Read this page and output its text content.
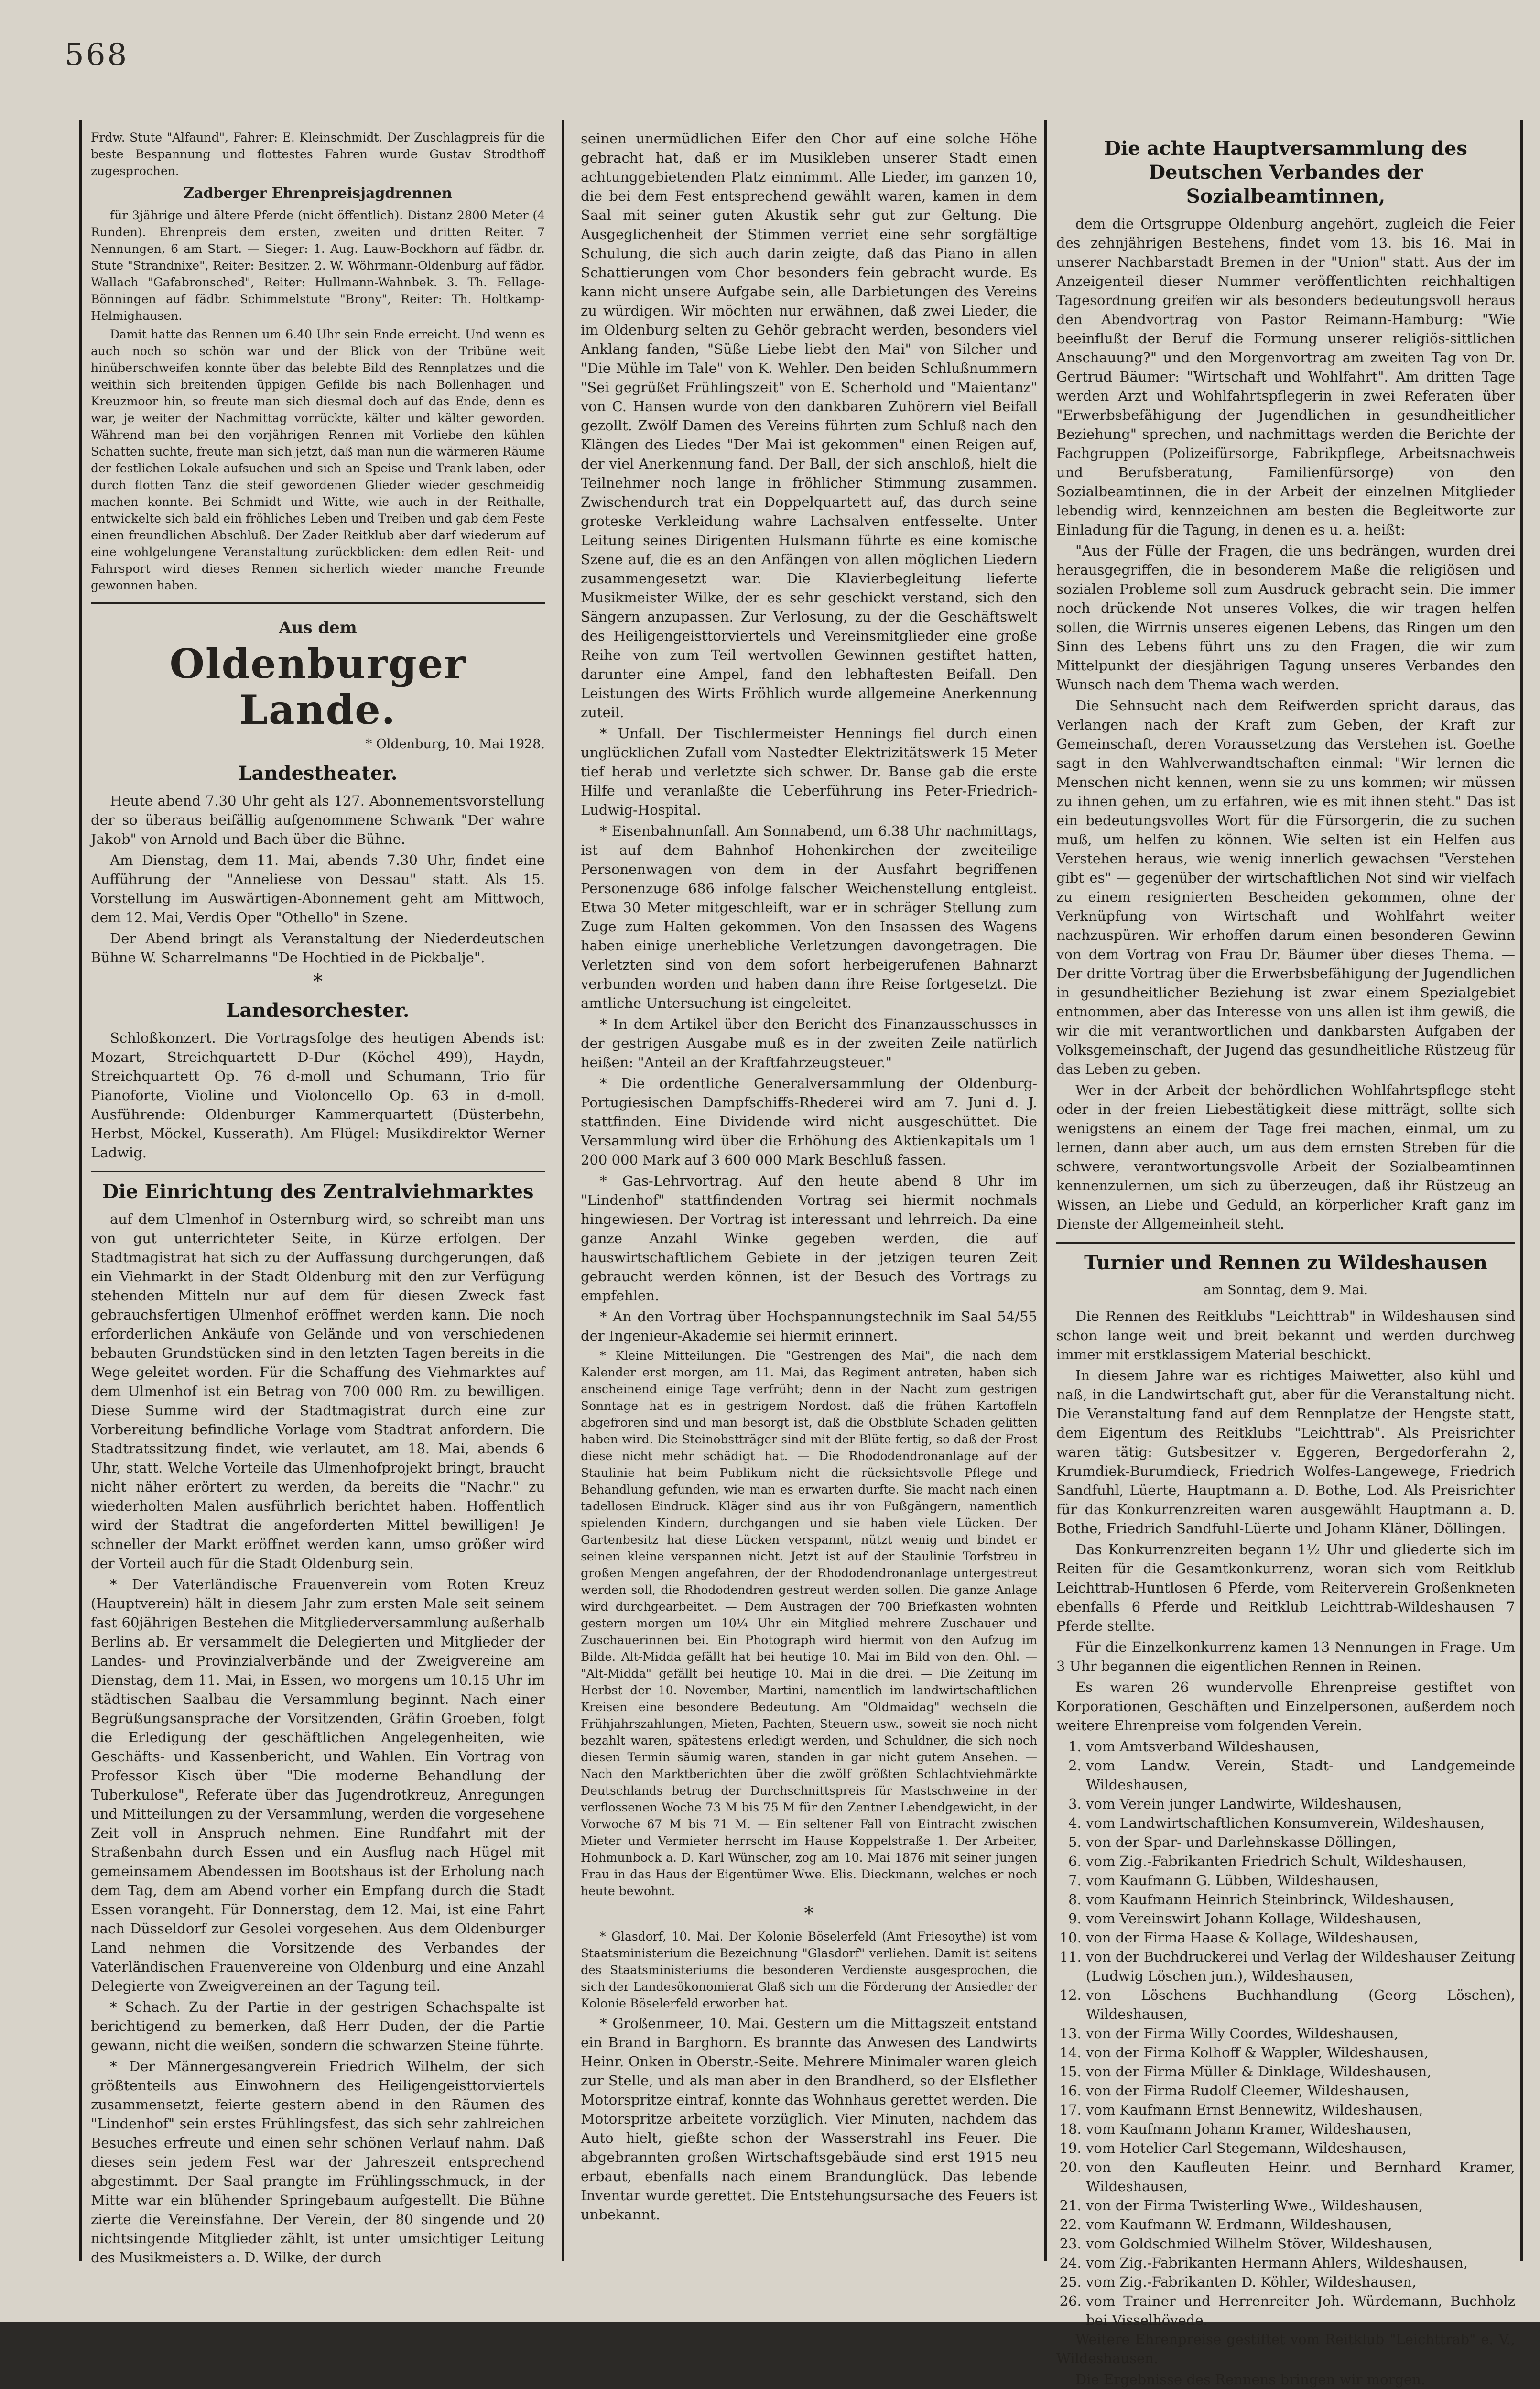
568

Frdw. Stute "Alfaund", Fahrer: E. Kleinschmidt. Der Zuschlagpreis für die beste Bespannung und flottestes Fahren wurde Gustav Strodthoff zugesprochen.

Zadberger Ehrenpreisjagdrennen

für 3jährige und ältere Pferde (nicht öffentlich). Distanz 2800 Meter (4 Runden). Ehrenpreis dem ersten, zweiten und dritten Reiter. 7 Nennungen, 6 am Start. — Sieger: 1. Aug. Lauw-Bockhorn auf fädbr. dr. Stute "Strandnixe", Reiter: Besitzer. 2. W. Wöhrmann-Oldenburg auf fädbr. Wallach "Gafabronsched", Reiter: Hullmann-Wahnbek. 3. Th. Fellage-Bönningen auf fädbr. Schimmelstute "Brony", Reiter: Th. Holtkamp-Helmighausen.

Damit hatte das Rennen um 6.40 Uhr sein Ende erreicht. Und wenn es auch noch so schön war und der Blick von der Tribüne weit hinüberschweifen konnte über das belebte Bild des Rennplatzes und die weithin sich breitenden üppigen Gefilde bis nach Bollenhagen und Kreuzmoor hin, so freute man sich diesmal doch auf das Ende, denn es war, je weiter der Nachmittag vorrückte, kälter und kälter geworden. Während man bei den vorjährigen Rennen mit Vorliebe den kühlen Schatten suchte, freute man sich jetzt, daß man nun die wärmeren Räume der festlichen Lokale aufsuchen und sich an Speise und Trank laben, oder durch flotten Tanz die steif gewordenen Glieder wieder geschmeidig machen konnte. Bei Schmidt und Witte, wie auch in der Reithalle, entwickelte sich bald ein fröhliches Leben und Treiben und gab dem Feste einen freundlichen Abschluß. Der Zader Reitklub aber darf wiederum auf eine wohlgelungene Veranstaltung zurückblicken: dem edlen Reit- und Fahrsport wird dieses Rennen sicherlich wieder manche Freunde gewonnen haben.

Aus dem
Oldenburger Lande.

* Oldenburg, 10. Mai 1928.

Landestheater.

Heute abend 7.30 Uhr geht als 127. Abonnementsvorstellung der so überaus beifällig aufgenommene Schwank "Der wahre Jakob" von Arnold und Bach über die Bühne.

Am Dienstag, dem 11. Mai, abends 7.30 Uhr, findet eine Aufführung der "Anneliese von Dessau" statt. Als 15. Vorstellung im Auswärtigen-Abonnement geht am Mittwoch, dem 12. Mai, Verdis Oper "Othello" in Szene.

Der Abend bringt als Veranstaltung der Niederdeutschen Bühne W. Scharrelmanns "De Hochtied in de Pickbalje".

*
Landesorchester.

Schloßkonzert. Die Vortragsfolge des heutigen Abends ist: Mozart, Streichquartett D-Dur (Köchel 499), Haydn, Streichquartett Op. 76 d-moll und Schumann, Trio für Pianoforte, Violine und Violoncello Op. 63 in d-moll. Ausführende: Oldenburger Kammerquartett (Düsterbehn, Herbst, Möckel, Kusserath). Am Flügel: Musikdirektor Werner Ladwig.

Die Einrichtung des Zentralviehmarktes

auf dem Ulmenhof in Osternburg wird, so schreibt man uns von gut unterrichteter Seite, in Kürze erfolgen. Der Stadtmagistrat hat sich zu der Auffassung durchgerungen, daß ein Viehmarkt in der Stadt Oldenburg mit den zur Verfügung stehenden Mitteln nur auf dem für diesen Zweck fast gebrauchsfertigen Ulmenhof eröffnet werden kann. Die noch erforderlichen Ankäufe von Gelände und von verschiedenen bebauten Grundstücken sind in den letzten Tagen bereits in die Wege geleitet worden. Für die Schaffung des Viehmarktes auf dem Ulmenhof ist ein Betrag von 700 000 Rm. zu bewilligen. Diese Summe wird der Stadtmagistrat durch eine zur Vorbereitung befindliche Vorlage vom Stadtrat anfordern. Die Stadtratssitzung findet, wie verlautet, am 18. Mai, abends 6 Uhr, statt. Welche Vorteile das Ulmenhofprojekt bringt, braucht nicht näher erörtert zu werden, da bereits die "Nachr." zu wiederholten Malen ausführlich berichtet haben. Hoffentlich wird der Stadtrat die angeforderten Mittel bewilligen! Je schneller der Markt eröffnet werden kann, umso größer wird der Vorteil auch für die Stadt Oldenburg sein.

* Der Vaterländische Frauenverein vom Roten Kreuz (Hauptverein) hält in diesem Jahr zum ersten Male seit seinem fast 60jährigen Bestehen die Mitgliederversammlung außerhalb Berlins ab. Er versammelt die Delegierten und Mitglieder der Landes- und Provinzialverbände und der Zweigvereine am Dienstag, dem 11. Mai, in Essen, wo morgens um 10.15 Uhr im städtischen Saalbau die Versammlung beginnt. Nach einer Begrüßungsansprache der Vorsitzenden, Gräfin Groeben, folgt die Erledigung der geschäftlichen Angelegenheiten, wie Geschäfts- und Kassenbericht, und Wahlen. Ein Vortrag von Professor Kisch über "Die moderne Behandlung der Tuberkulose", Referate über das Jugendrotkreuz, Anregungen und Mitteilungen zu der Versammlung, werden die vorgesehene Zeit voll in Anspruch nehmen. Eine Rundfahrt mit der Straßenbahn durch Essen und ein Ausflug nach Hügel mit gemeinsamem Abendessen im Bootshaus ist der Erholung nach dem Tag, dem am Abend vorher ein Empfang durch die Stadt Essen vorangeht. Für Donnerstag, dem 12. Mai, ist eine Fahrt nach Düsseldorf zur Gesolei vorgesehen. Aus dem Oldenburger Land nehmen die Vorsitzende des Verbandes der Vaterländischen Frauenvereine von Oldenburg und eine Anzahl Delegierte von Zweigvereinen an der Tagung teil.

* Schach. Zu der Partie in der gestrigen Schachspalte ist berichtigend zu bemerken, daß Herr Duden, der die Partie gewann, nicht die weißen, sondern die schwarzen Steine führte.

* Der Männergesangverein Friedrich Wilhelm, der sich größtenteils aus Einwohnern des Heiligengeisttorviertels zusammensetzt, feierte gestern abend in den Räumen des "Lindenhof" sein erstes Frühlingsfest, das sich sehr zahlreichen Besuches erfreute und einen sehr schönen Verlauf nahm. Daß dieses sein jedem Fest war der Jahreszeit entsprechend abgestimmt. Der Saal prangte im Frühlingsschmuck, in der Mitte war ein blühender Springebaum aufgestellt. Die Bühne zierte die Vereinsfahne. Der Verein, der 80 singende und 20 nichtsingende Mitglieder zählt, ist unter umsichtiger Leitung des Musikmeisters a. D. Wilke, der durch

seinen unermüdlichen Eifer den Chor auf eine solche Höhe gebracht hat, daß er im Musikleben unserer Stadt einen achtunggebietenden Platz einnimmt. Alle Lieder, im ganzen 10, die bei dem Fest entsprechend gewählt waren, kamen in dem Saal mit seiner guten Akustik sehr gut zur Geltung. Die Ausgeglichenheit der Stimmen verriet eine sehr sorgfältige Schulung, die sich auch darin zeigte, daß das Piano in allen Schattierungen vom Chor besonders fein gebracht wurde. Es kann nicht unsere Aufgabe sein, alle Darbietungen des Vereins zu würdigen. Wir möchten nur erwähnen, daß zwei Lieder, die im Oldenburg selten zu Gehör gebracht werden, besonders viel Anklang fanden, "Süße Liebe liebt den Mai" von Silcher und "Die Mühle im Tale" von K. Wehler. Den beiden Schlußnummern "Sei gegrüßet Frühlingszeit" von E. Scherhold und "Maientanz" von C. Hansen wurde von den dankbaren Zuhörern viel Beifall gezollt. Zwölf Damen des Vereins führten zum Schluß nach den Klängen des Liedes "Der Mai ist gekommen" einen Reigen auf, der viel Anerkennung fand. Der Ball, der sich anschloß, hielt die Teilnehmer noch lange in fröhlicher Stimmung zusammen. Zwischendurch trat ein Doppelquartett auf, das durch seine groteske Verkleidung wahre Lachsalven entfesselte. Unter Leitung seines Dirigenten Hulsmann führte es eine komische Szene auf, die es an den Anfängen von allen möglichen Liedern zusammengesetzt war. Die Klavierbegleitung lieferte Musikmeister Wilke, der es sehr geschickt verstand, sich den Sängern anzupassen. Zur Verlosung, zu der die Geschäftswelt des Heiligengeisttorviertels und Vereinsmitglieder eine große Reihe von zum Teil wertvollen Gewinnen gestiftet hatten, darunter eine Ampel, fand den lebhaftesten Beifall. Den Leistungen des Wirts Fröhlich wurde allgemeine Anerkennung zuteil.

* Unfall. Der Tischlermeister Hennings fiel durch einen unglücklichen Zufall vom Nastedter Elektrizitätswerk 15 Meter tief herab und verletzte sich schwer. Dr. Banse gab die erste Hilfe und veranlaßte die Ueberführung ins Peter-Friedrich-Ludwig-Hospital.

* Eisenbahnunfall. Am Sonnabend, um 6.38 Uhr nachmittags, ist auf dem Bahnhof Hohenkirchen der zweiteilige Personenwagen von dem in der Ausfahrt begriffenen Personenzuge 686 infolge falscher Weichenstellung entgleist. Etwa 30 Meter mitgeschleift, war er in schräger Stellung zum Zuge zum Halten gekommen. Von den Insassen des Wagens haben einige unerhebliche Verletzungen davongetragen. Die Verletzten sind von dem sofort herbeigerufenen Bahnarzt verbunden worden und haben dann ihre Reise fortgesetzt. Die amtliche Untersuchung ist eingeleitet.

* In dem Artikel über den Bericht des Finanzausschusses in der gestrigen Ausgabe muß es in der zweiten Zeile natürlich heißen: "Anteil an der Kraftfahrzeugsteuer."

* Die ordentliche Generalversammlung der Oldenburg-Portugiesischen Dampfschiffs-Rhederei wird am 7. Juni d. J. stattfinden. Eine Dividende wird nicht ausgeschüttet. Die Versammlung wird über die Erhöhung des Aktienkapitals um 1 200 000 Mark auf 3 600 000 Mark Beschluß fassen.

* Gas-Lehrvortrag. Auf den heute abend 8 Uhr im "Lindenhof" stattfindenden Vortrag sei hiermit nochmals hingewiesen. Der Vortrag ist interessant und lehrreich. Da eine ganze Anzahl Winke gegeben werden, die auf hauswirtschaftlichem Gebiete in der jetzigen teuren Zeit gebraucht werden können, ist der Besuch des Vortrags zu empfehlen.

* An den Vortrag über Hochspannungstechnik im Saal 54/55 der Ingenieur-Akademie sei hiermit erinnert.

* Kleine Mitteilungen. Die "Gestrengen des Mai", die nach dem Kalender erst morgen, am 11. Mai, das Regiment antreten, haben sich anscheinend einige Tage verfrüht; denn in der Nacht zum gestrigen Sonntage hat es in gestrigem Nordost. daß die frühen Kartoffeln abgefroren sind und man besorgt ist, daß die Obstblüte Schaden gelitten haben wird. Die Steinobstträger sind mit der Blüte fertig, so daß der Frost diese nicht mehr schädigt hat. — Die Rhododendronanlage auf der Staulinie hat beim Publikum nicht die rücksichtsvolle Pflege und Behandlung gefunden, wie man es erwarten durfte. Sie macht nach einen tadellosen Eindruck. Kläger sind aus ihr von Fußgängern, namentlich spielenden Kindern, durchgangen und sie haben viele Lücken. Der Gartenbesitz hat diese Lücken verspannt, nützt wenig und bindet er seinen kleine verspannen nicht. Jetzt ist auf der Staulinie Torfstreu in großen Mengen angefahren, der der Rhododendronanlage untergestreut werden soll, die Rhododendren gestreut werden sollen. Die ganze Anlage wird durchgearbeitet. — Dem Austragen der 700 Briefkasten wohnten gestern morgen um 10¼ Uhr ein Mitglied mehrere Zuschauer und Zuschauerinnen bei. Ein Photograph wird hiermit von den Aufzug im Bilde. Alt-Midda gefällt hat bei heutige 10. Mai im Bild von den. Ohl. — "Alt-Midda" gefällt bei heutige 10. Mai in die drei. — Die Zeitung im Herbst der 10. November, Martini, namentlich im landwirtschaftlichen Kreisen eine besondere Bedeutung. Am "Oldmaidag" wechseln die Frühjahrszahlungen, Mieten, Pachten, Steuern usw., soweit sie noch nicht bezahlt waren, spätestens erledigt werden, und Schuldner, die sich noch diesen Termin säumig waren, standen in gar nicht gutem Ansehen. — Nach den Marktberichten über die zwölf größten Schlachtviehmärkte Deutschlands betrug der Durchschnittspreis für Mastschweine in der verflossenen Woche 73 M bis 75 M für den Zentner Lebendgewicht, in der Vorwoche 67 M bis 71 M. — Ein seltener Fall von Eintracht zwischen Mieter und Vermieter herrscht im Hause Koppelstraße 1. Der Arbeiter, Hohmunbock a. D. Karl Wünscher, zog am 10. Mai 1876 mit seiner jungen Frau in das Haus der Eigentümer Wwe. Elis. Dieckmann, welches er noch heute bewohnt.

*

* Glasdorf, 10. Mai. Der Kolonie Böselerfeld (Amt Friesoythe) ist vom Staatsministerium die Bezeichnung "Glasdorf" verliehen. Damit ist seitens des Staatsministeriums die besonderen Verdienste ausgesprochen, die sich der Landesökonomierat Glaß sich um die Förderung der Ansiedler der Kolonie Böselerfeld erworben hat.

* Großenmeer, 10. Mai. Gestern um die Mittagszeit entstand ein Brand in Barghorn. Es brannte das Anwesen des Landwirts Heinr. Onken in Oberstr.-Seite. Mehrere Minimaler waren gleich zur Stelle, und als man aber in den Brandherd, so der Elsflether Motorspritze eintraf, konnte das Wohnhaus gerettet werden. Die Motorspritze arbeitete vorzüglich. Vier Minuten, nachdem das Auto hielt, gießte schon der Wasserstrahl ins Feuer. Die abgebrannten großen Wirtschaftsgebäude sind erst 1915 neu erbaut, ebenfalls nach einem Brandunglück. Das lebende Inventar wurde gerettet. Die Entstehungsursache des Feuers ist unbekannt.

Die achte Hauptversammlung des Deutschen Verbandes der Sozialbeamtinnen,

dem die Ortsgruppe Oldenburg angehört, zugleich die Feier des zehnjährigen Bestehens, findet vom 13. bis 16. Mai in unserer Nachbarstadt Bremen in der "Union" statt. Aus der im Anzeigenteil dieser Nummer veröffentlichten reichhaltigen Tagesordnung greifen wir als besonders bedeutungsvoll heraus den Abendvortrag von Pastor Reimann-Hamburg: "Wie beeinflußt der Beruf die Formung unserer religiös-sittlichen Anschauung?" und den Morgenvortrag am zweiten Tag von Dr. Gertrud Bäumer: "Wirtschaft und Wohlfahrt". Am dritten Tage werden Arzt und Wohlfahrtspflegerin in zwei Referaten über "Erwerbsbefähigung der Jugendlichen in gesundheitlicher Beziehung" sprechen, und nachmittags werden die Berichte der Fachgruppen (Polizeifürsorge, Fabrikpflege, Arbeitsnachweis und Berufsberatung, Familienfürsorge) von den Sozialbeamtinnen, die in der Arbeit der einzelnen Mitglieder lebendig wird, kennzeichnen am besten die Begleitworte zur Einladung für die Tagung, in denen es u. a. heißt:

"Aus der Fülle der Fragen, die uns bedrängen, wurden drei herausgegriffen, die in besonderem Maße die religiösen und sozialen Probleme soll zum Ausdruck gebracht sein. Die immer noch drückende Not unseres Volkes, die wir tragen helfen sollen, die Wirrnis unseres eigenen Lebens, das Ringen um den Sinn des Lebens führt uns zu den Fragen, die wir zum Mittelpunkt der diesjährigen Tagung unseres Verbandes den Wunsch nach dem Thema wach werden.

Die Sehnsucht nach dem Reifwerden spricht daraus, das Verlangen nach der Kraft zum Geben, der Kraft zur Gemeinschaft, deren Voraussetzung das Verstehen ist. Goethe sagt in den Wahlverwandtschaften einmal: "Wir lernen die Menschen nicht kennen, wenn sie zu uns kommen; wir müssen zu ihnen gehen, um zu erfahren, wie es mit ihnen steht." Das ist ein bedeutungsvolles Wort für die Fürsorgerin, die zu suchen muß, um helfen zu können. Wie selten ist ein Helfen aus Verstehen heraus, wie wenig innerlich gewachsen "Verstehen gibt es" — gegenüber der wirtschaftlichen Not sind wir vielfach zu einem resignierten Bescheiden gekommen, ohne der Verknüpfung von Wirtschaft und Wohlfahrt weiter nachzuspüren. Wir erhoffen darum einen besonderen Gewinn von dem Vortrag von Frau Dr. Bäumer über dieses Thema. — Der dritte Vortrag über die Erwerbsbefähigung der Jugendlichen in gesundheitlicher Beziehung ist zwar einem Spezialgebiet entnommen, aber das Interesse von uns allen ist ihm gewiß, die wir die mit verantwortlichen und dankbarsten Aufgaben der Volksgemeinschaft, der Jugend das gesundheitliche Rüstzeug für das Leben zu geben.

Wer in der Arbeit der behördlichen Wohlfahrtspflege steht oder in der freien Liebestätigkeit diese mitträgt, sollte sich wenigstens an einem der Tage frei machen, einmal, um zu lernen, dann aber auch, um aus dem ernsten Streben für die schwere, verantwortungsvolle Arbeit der Sozialbeamtinnen kennenzulernen, um sich zu überzeugen, daß ihr Rüstzeug an Wissen, an Liebe und Geduld, an körperlicher Kraft ganz im Dienste der Allgemeinheit steht.

Turnier und Rennen zu Wildeshausen

am Sonntag, dem 9. Mai.

Die Rennen des Reitklubs "Leichttrab" in Wildeshausen sind schon lange weit und breit bekannt und werden durchweg immer mit erstklassigem Material beschickt.

In diesem Jahre war es richtiges Maiwetter, also kühl und naß, in die Landwirtschaft gut, aber für die Veranstaltung nicht. Die Veranstaltung fand auf dem Rennplatze der Hengste statt, dem Eigentum des Reitklubs "Leichttrab". Als Preisrichter waren tätig: Gutsbesitzer v. Eggeren, Bergedorferahn 2, Krumdiek-Burumdieck, Friedrich Wolfes-Langewege, Friedrich Sandfuhl, Lüerte, Hauptmann a. D. Bothe, Lod. Als Preisrichter für das Konkurrenzreiten waren ausgewählt Hauptmann a. D. Bothe, Friedrich Sandfuhl-Lüerte und Johann Kläner, Döllingen.

Das Konkurrenzreiten begann 1½ Uhr und gliederte sich im Reiten für die Gesamtkonkurrenz, woran sich vom Reitklub Leichttrab-Huntlosen 6 Pferde, vom Reiterverein Großenkneten ebenfalls 6 Pferde und Reitklub Leichttrab-Wildeshausen 7 Pferde stellte.

Für die Einzelkonkurrenz kamen 13 Nennungen in Frage. Um 3 Uhr begannen die eigentlichen Rennen in Reinen.

Es waren 26 wundervolle Ehrenpreise gestiftet von Korporationen, Geschäften und Einzelpersonen, außerdem noch weitere Ehrenpreise vom folgenden Verein.

1. vom Amtsverband Wildeshausen,
2. vom Landw. Verein, Stadt- und Landgemeinde Wildeshausen,
3. vom Verein junger Landwirte, Wildeshausen,
4. vom Landwirtschaftlichen Konsumverein, Wildeshausen,
5. von der Spar- und Darlehnskasse Döllingen,
6. vom Zig.-Fabrikanten Friedrich Schult, Wildeshausen,
7. vom Kaufmann G. Lübben, Wildeshausen,
8. vom Kaufmann Heinrich Steinbrinck, Wildeshausen,
9. vom Vereinswirt Johann Kollage, Wildeshausen,
10. von der Firma Haase & Kollage, Wildeshausen,
11. von der Buchdruckerei und Verlag der Wildeshauser Zeitung (Ludwig Löschen jun.), Wildeshausen,
12. von Löschens Buchhandlung (Georg Löschen), Wildeshausen,
13. von der Firma Willy Coordes, Wildeshausen,
14. von der Firma Kolhoff & Wappler, Wildeshausen,
15. von der Firma Müller & Dinklage, Wildeshausen,
16. von der Firma Rudolf Cleemer, Wildeshausen,
17. vom Kaufmann Ernst Bennewitz, Wildeshausen,
18. vom Kaufmann Johann Kramer, Wildeshausen,
19. vom Hotelier Carl Stegemann, Wildeshausen,
20. von den Kaufleuten Heinr. und Bernhard Kramer, Wildeshausen,
21. von der Firma Twisterling Wwe., Wildeshausen,
22. vom Kaufmann W. Erdmann, Wildeshausen,
23. vom Goldschmied Wilhelm Stöver, Wildeshausen,
24. vom Zig.-Fabrikanten Hermann Ahlers, Wildeshausen,
25. vom Zig.-Fabrikanten D. Köhler, Wildeshausen,
26. vom Trainer und Herrenreiter Joh. Würdemann, Buchholz bei Visselhövede.

Weitere Ehrenpreise gestiftet vom Reitklub "Leichttrab" e. V., Wildeshausen.

Die Ergebnisse des Rennens bringen wir morgen.
